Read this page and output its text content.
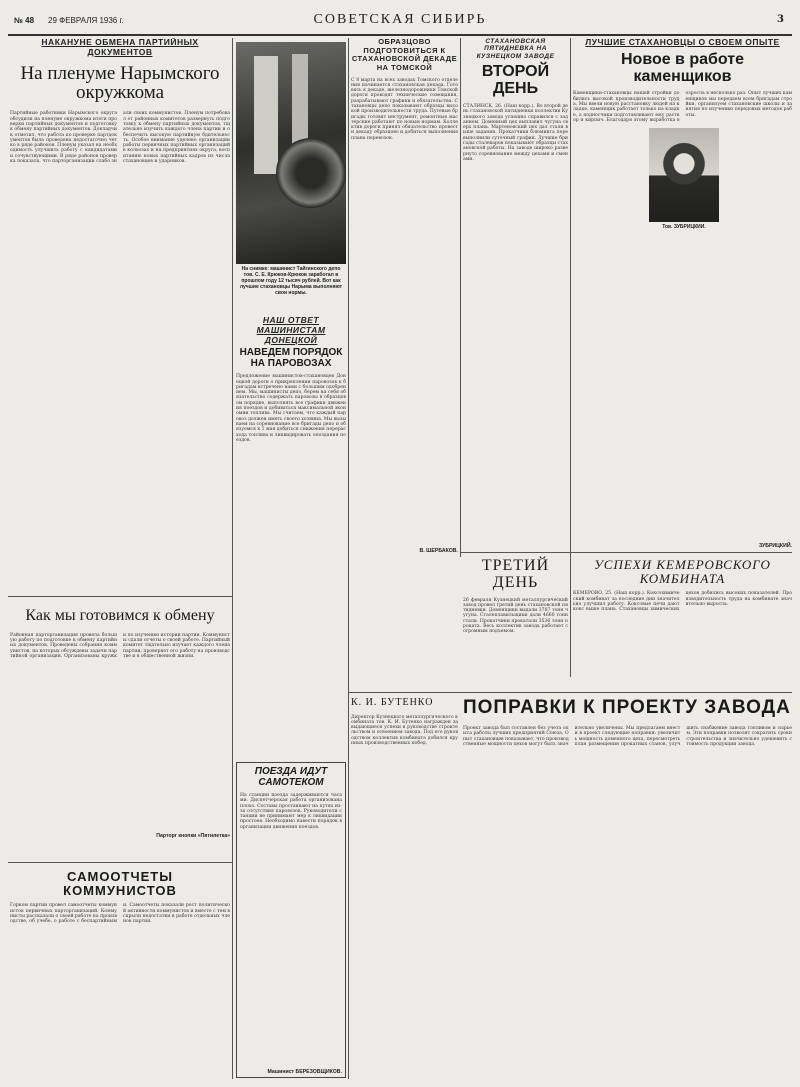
№ 48 29 ФЕВРАЛЯ 1936 г.	СОВЕТСКАЯ СИБИРЬ	3
НАКАНУНЕ ОБМЕНА ПАРТИЙНЫХ ДОКУМЕНТОВ
На пленуме Нарымского окружкома
Партийные работники Нарымского округа обсудили на пленуме окружкома итоги проверки партийных документов и подготовку к обмену партийных документов. Докладчик отметил, что работа по проверке партдокументов была проведена недостаточно четко в ряде районов. Пленум указал на необходимость улучшить работу с кандидатами и сочувствующими. В ряде районов проверка показала, что парторганизации слабо знали своих коммунистов. Пленум потребовал от районных комитетов развернуть подготовку к обмену партийных документов, тщательно изучить каждого члена партии и обеспечить высокую партийную бдительность. Особое внимание уделено организации работы первичных партийных организаций в колхозах и на предприятиях округа, воспитанию новых партийных кадров из числа стахановцев и ударников.
Как мы готовимся к обмену
Районная парторганизация провела большую работу по подготовке к обмену партийных документов. Проведены собрания коммунистов, на которых обсуждены задачи партийной организации. Организованы кружки по изучению истории партии. Коммунисты сдали отчеты о своей работе. Партийный комитет тщательно изучает каждого члена партии, проверяет его работу на производстве и в общественной жизни.
Парторг кнопки «Пятилетка»
САМООТЧЕТЫ КОММУНИСТОВ
Горком партии провел самоотчеты коммунистов первичных парторганизаций. Коммунисты рассказали о своей работе на производстве, об учебе, о работе с беспартийными. Самоотчеты показали рост политической активности коммунистов и вместе с тем вскрыли недостатки в работе отдельных членов партии.
На снимке: машинист Тайгинского депо тов. С. Е. Крюков-Крюков заработал в прошлом году 12 тысяч рублей. Вот как лучшие стахановцы Нарыма выполняют свои нормы.
НАШ ОТВЕТ МАШИНИСТАМ ДОНЕЦКОЙ
НАВЕДЕМ ПОРЯДОК НА ПАРОВОЗАХ
Предложение машинистов-стахановцев Донецкой дороги о прикреплении паровозов к бригадам встречено нами с большим одобрением. Мы, машинисты депо, берем на себя обязательство содержать паровозы в образцовом порядке, выполнять все графики движения поездов и добиваться максимальной экономии топлива. Мы считаем, что каждый паровоз должен иметь своего хозяина. Мы вызываем на соревнование все бригады депо и обязуемся к 1 мая добиться снижения перерасхода топлива и ликвидировать опоздания поездов.
ПОЕЗДА ИДУТ САМОТЕКОМ
На станции поезда задерживаются часами. Диспетчерская работа организована плохо. Составы простаивают на путях из-за отсутствия паровозов. Руководители станции не принимают мер к ликвидации простоев. Необходимо навести порядок в организации движения поездов.
Машинист БЕРЕЗОВЩИКОВ.
ОБРАЗЦОВО ПОДГОТОВИТЬСЯ К СТАХАНОВСКОЙ ДЕКАДЕ НА ТОМСКОЙ
С 8 марта на всех заводах Томского отделения начинается стахановская декада. Готовясь к декаде, железнодорожники Томской дороги проводят технические совещания, разрабатывают графики и обязательства. Стахановцы депо показывают образцы высокой производительности труда. Путевые бригады готовят инструмент, ремонтные мастерские работают по новым нормам. Коллектив дороги принял обязательство провести декаду образцово и добиться выполнения плана перевозок.
В. ЩЕРБАКОВ.
К. И. БУТЕНКО
Директор Кузнецкого металлургического комбината тов. К. И. Бутенко награжден за выдающиеся успехи в руководстве строительством и освоением завода. Под его руководством коллектив комбината добился крупных производственных побед.
СТАХАНОВСКАЯ ПЯТИДНЕВКА НА КУЗНЕЦКОМ ЗАВОДЕ
ВТОРОЙ ДЕНЬ
СТАЛИНСК, 26. (Наш корр.). Во второй день стахановской пятидневки коллектив Кузнецкого завода успешно справился с заданием. Доменный цех выплавил чугуна сверх плана. Мартеновский цех дал стали выше задания. Прокатчики блюминга перевыполнили суточный график. Лучшие бригады сталеваров показывают образцы стахановской работы. На заводе широко развернуто соревнование между цехами и сменами.
ТРЕТИЙ ДЕНЬ
26 февраля Кузнецкий металлургический завод провел третий день стахановской пятидневки. Доменщики выдали 3787 тонн чугуна. Сталеплавильщики дали 4660 тонн стали. Прокатчики прокатали 3536 тонн проката. Весь коллектив завода работает с огромным подъемом.
ЛУЧШИЕ СТАХАНОВЦЫ О СВОЕМ ОПЫТЕ
Новое в работе каменщиков
Каменщики-стахановцы нашей стройки добились высокой производительности труда. Мы ввели новую расстановку людей на кладке, каменщик работает только на кладке, а подносчики подготавливают ему раствор и кирпич. Благодаря этому выработка возросла в несколько раз. Опыт лучших каменщиков мы передаем всем бригадам стройки, организуем стахановские школы и занятия по изучению передовых методов работы.
ЗУБРИЦКИЙ.
Тов. ЗУБРИЦКИЙ.
УСПЕХИ КЕМЕРОВСКОГО КОМБИНАТА
КЕМЕРОВО, 25. (Наш корр.). Коксохимический комбинат за последние дни значительно улучшил работу. Коксовые печи дают кокс выше плана. Стахановцы химических цехов добились высоких показателей. Производительность труда на комбинате значительно выросла.
ПОПРАВКИ К ПРОЕКТУ ЗАВОДА
Проект завода был составлен без учета опыта работы лучших предприятий Союза. Опыт стахановцев показывает, что производственные мощности цехов могут быть значительно увеличены. Мы предлагаем внести в проект следующие поправки: увеличить мощность доменного цеха, пересмотреть план размещения прокатных станов, улучшить снабжение завода топливом и сырьем. Эти поправки позволят сократить сроки строительства и значительно удешевить стоимость продукции завода.
